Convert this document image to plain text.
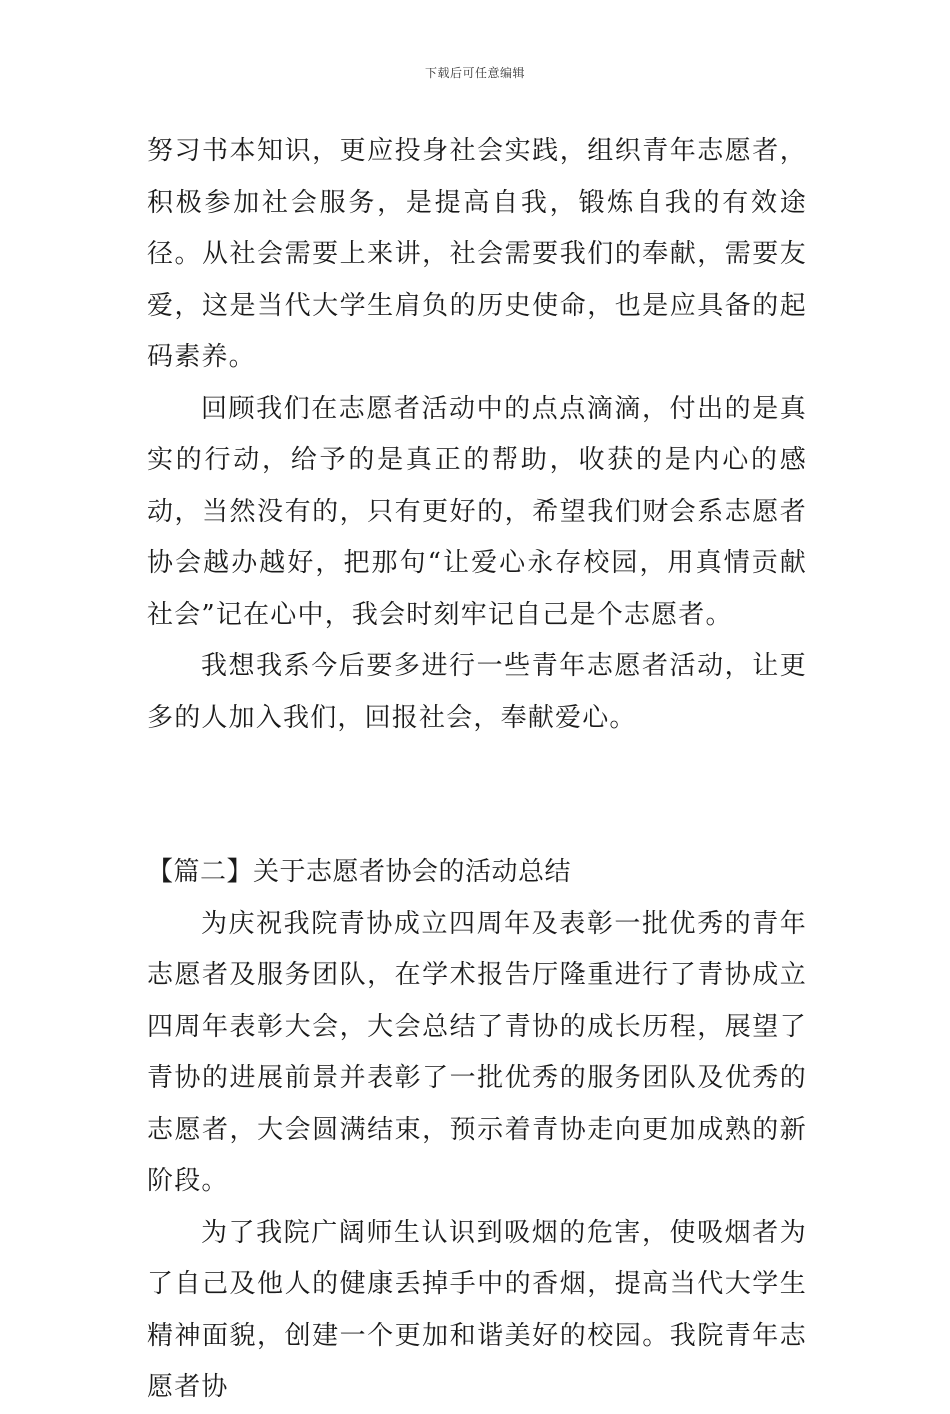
下载后可任意编辑

努习书本知识，更应投身社会实践，组织青年志愿者，积极参加社会服务，是提高自我，锻炼自我的有效途径。从社会需要上来讲，社会需要我们的奉献，需要友爱，这是当代大学生肩负的历史使命，也是应具备的起码素养。

回顾我们在志愿者活动中的点点滴滴，付出的是真实的行动，给予的是真正的帮助，收获的是内心的感动，当然没有的，只有更好的，希望我们财会系志愿者协会越办越好，把那句“让爱心永存校园，用真情贡献社会”记在心中，我会时刻牢记自己是个志愿者。

我想我系今后要多进行一些青年志愿者活动，让更多的人加入我们，回报社会，奉献爱心。

【篇二】关于志愿者协会的活动总结

为庆祝我院青协成立四周年及表彰一批优秀的青年志愿者及服务团队，在学术报告厅隆重进行了青协成立四周年表彰大会，大会总结了青协的成长历程，展望了青协的进展前景并表彰了一批优秀的服务团队及优秀的志愿者，大会圆满结束，预示着青协走向更加成熟的新阶段。

为了我院广阔师生认识到吸烟的危害，使吸烟者为了自己及他人的健康丢掉手中的香烟，提高当代大学生精神面貌，创建一个更加和谐美好的校园。我院青年志愿者协
